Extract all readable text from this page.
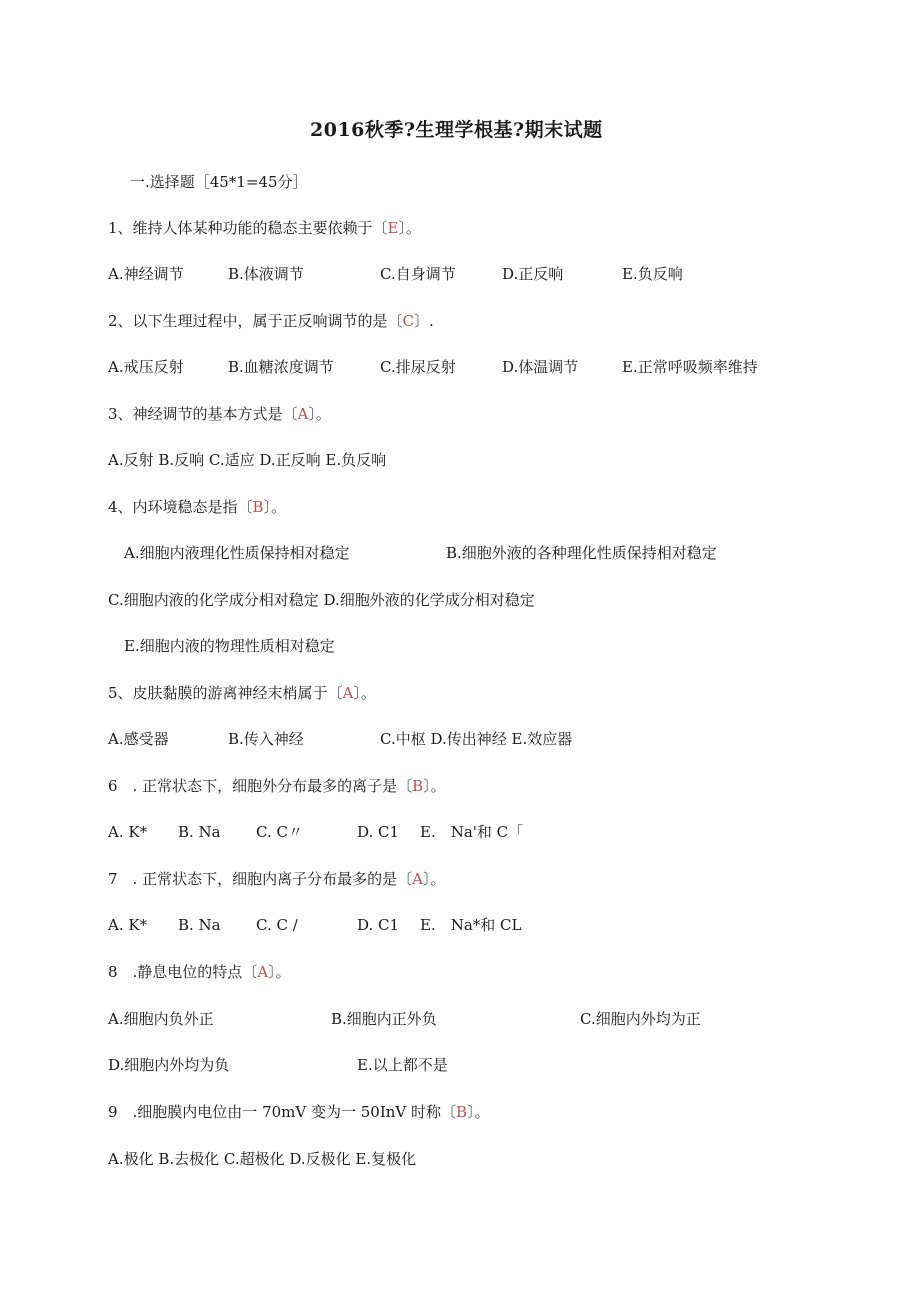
2016秋季?生理学根基?期末试题
一.选择题［45*1=45分］
1、维持人体某种功能的稳态主要依赖于〔E〕。
A.神经调节	B.体液调节	C.自身调节	D.正反响	E.负反响
2、以下生理过程中，属于正反响调节的是〔C〕.
A.戒压反射	B.血糖浓度调节	C.排尿反射	D.体温调节	E.正常呼吸频率维持
3、神经调节的基本方式是〔A〕。
A.反射 B.反响 C.适应 D.正反响 E.负反响
4、内环境稳态是指〔B〕。
A.细胞内液理化性质保持相对稳定	B.细胞外液的各种理化性质保持相对稳定
C.细胞内液的化学成分相对稳定 D.细胞外液的化学成分相对稳定
E.细胞内液的物理性质相对稳定
5、皮肤黏膜的游离神经末梢属于〔A〕。
A.感受器	B.传入神经	C.中枢 D.传出神经 E.效应器
6　. 正常状态下，细胞外分布最多的离子是〔B〕。
A. K* B. Na C. C〃	D. C1 E.　Na'和 C「
7　. 正常状态下，细胞内离子分布最多的是〔A〕。
A. K* B. Na C. C /	D. C1 E.　Na*和 CL
8　.静息电位的特点〔A〕。
A.细胞内负外正	B.细胞内正外负	C.细胞内外均为正
D.细胞内外均为负	E.以上都不是
9　.细胞膜内电位由一 70mV 变为一 50InV 时称〔B〕。
A.极化 B.去极化 C.超极化 D.反极化 E.复极化
